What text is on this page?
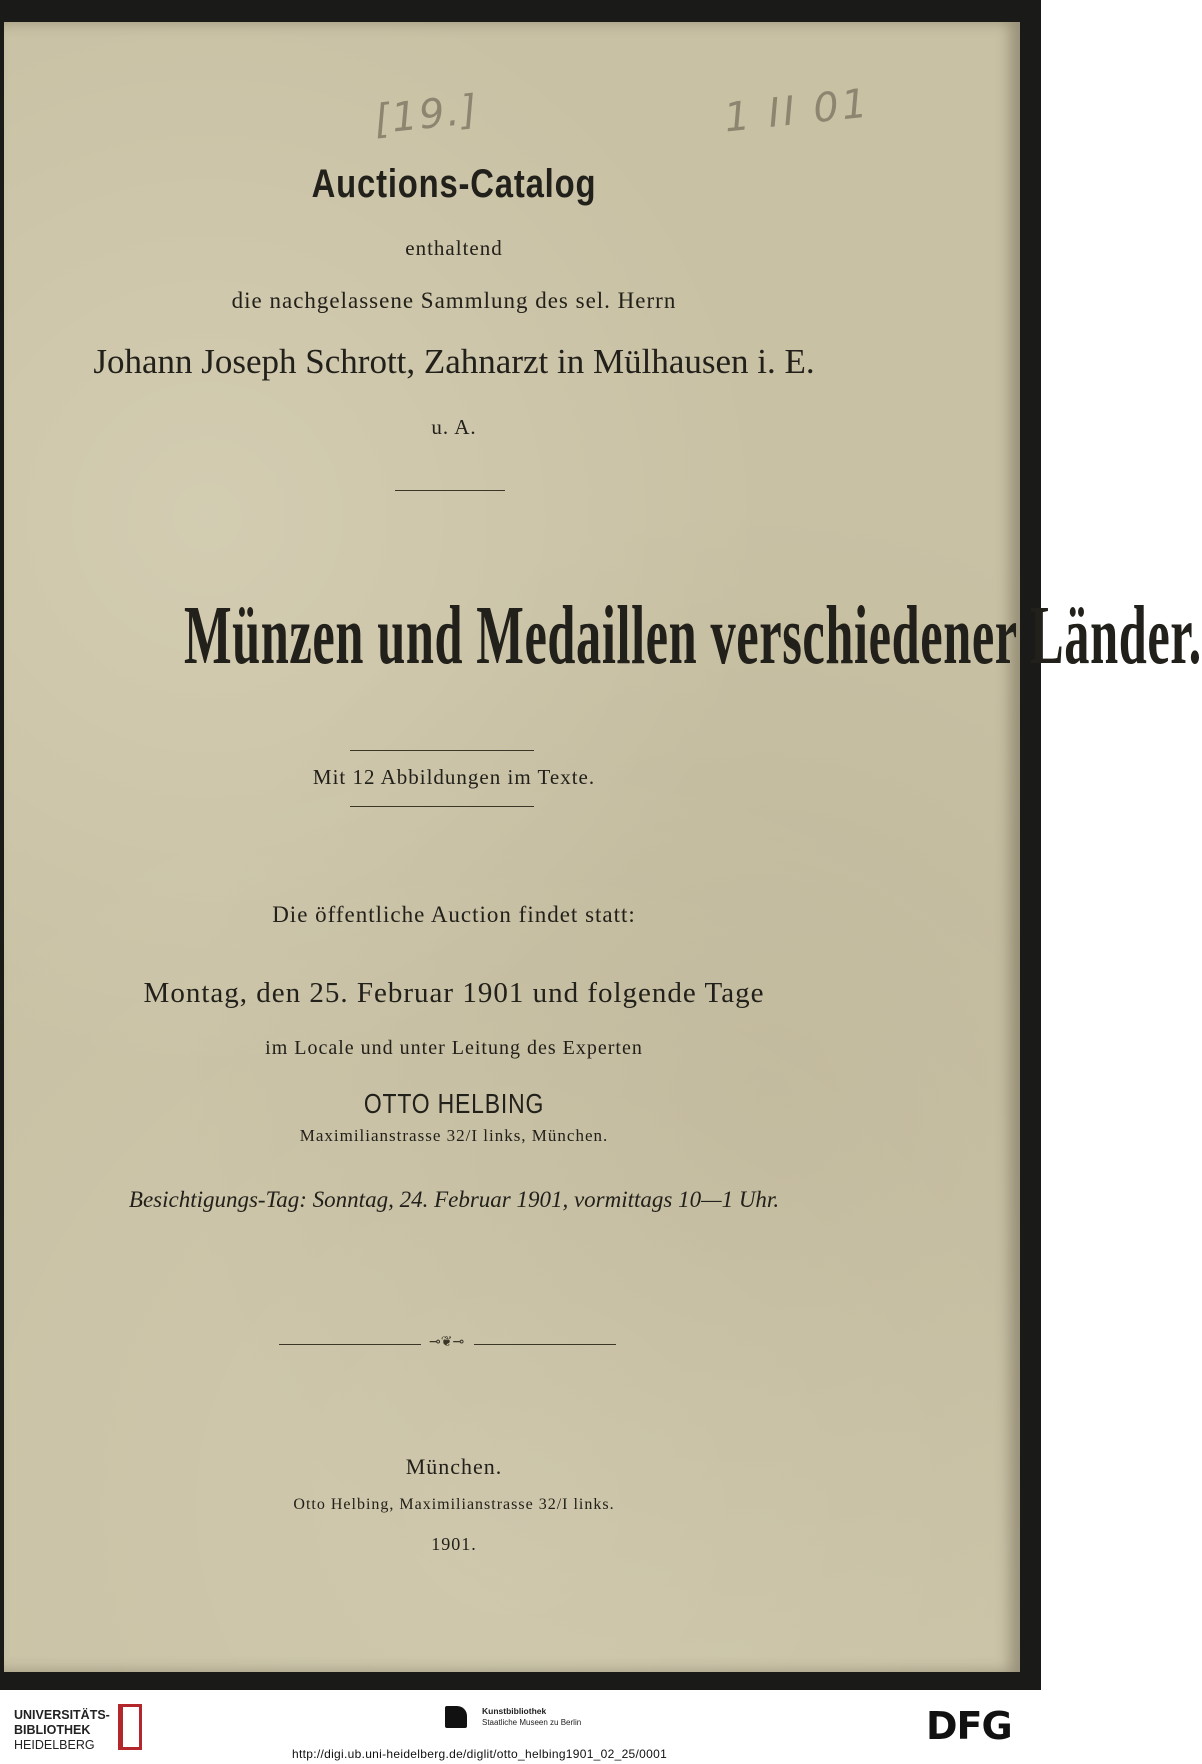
[19.]	1 II 01
Auctions-Catalog
enthaltend
die nachgelassene Sammlung des sel. Herrn
Johann Joseph Schrott, Zahnarzt in Mülhausen i. E.
u. A.
Münzen und Medaillen verschiedener Länder.
Mit 12 Abbildungen im Texte.
Die öffentliche Auction findet statt:
Montag, den 25. Februar 1901 und folgende Tage
im Locale und unter Leitung des Experten
OTTO HELBING
Maximilianstrasse 32/I links, München.
Besichtigungs-Tag: Sonntag, 24. Februar 1901, vormittags 10—1 Uhr.
⊸❦⊸
München.
Otto Helbing, Maximilianstrasse 32/I links.
1901.
UNIVERSITÄTS-
BIBLIOTHEK
HEIDELBERG
Kunstbibliothek
Staatliche Museen zu Berlin	DFG
http://digi.ub.uni-heidelberg.de/diglit/otto_helbing1901_02_25/0001
